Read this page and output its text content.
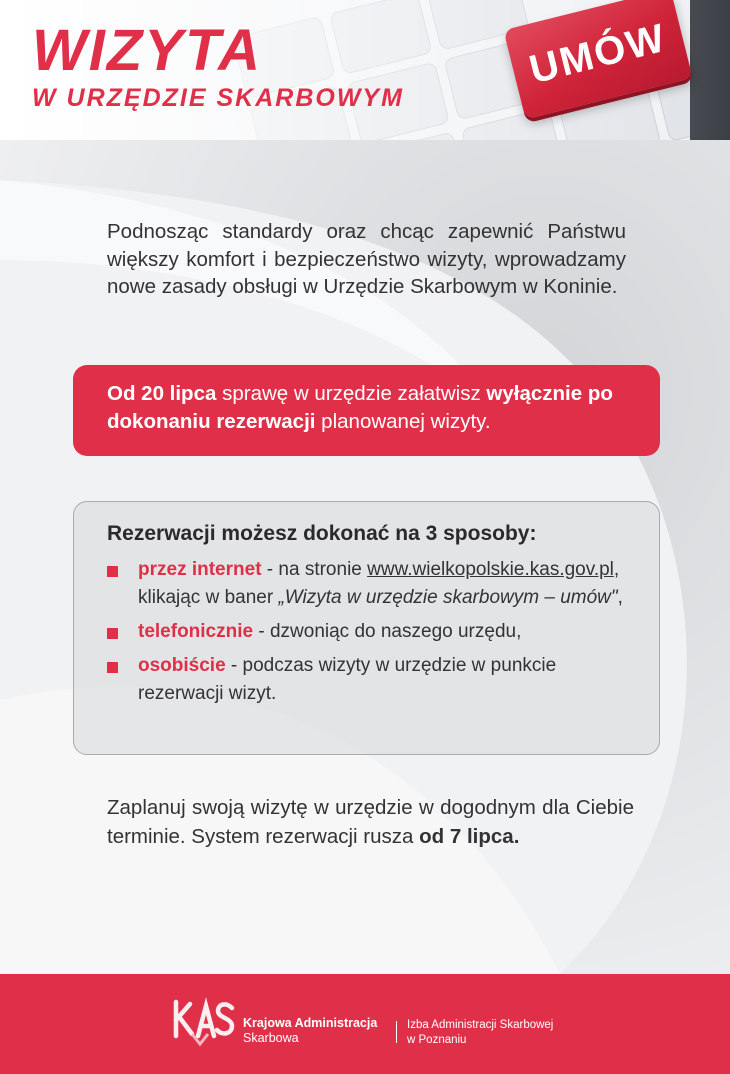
WIZYTA
W URZĘDZIE SKARBOWYM
UMÓW

Podnosząc standardy oraz chcąc zapewnić Państwu większy komfort i bezpieczeństwo wizyty, wprowadzamy nowe zasady obsługi w Urzędzie Skarbowym w Koninie.

Od 20 lipca sprawę w urzędzie załatwisz wyłącznie po dokonaniu rezerwacji planowanej wizyty.
Rezerwacji możesz dokonać na 3 sposoby:
przez internet - na stronie www.wielkopolskie.kas.gov.pl, klikając w baner „Wizyta w urzędzie skarbowym – umów",
telefonicznie - dzwoniąc do naszego urzędu,
osobiście - podczas wizyty w urzędzie w punkcie rezerwacji wizyt.

Zaplanuj swoją wizytę w urzędzie w dogodnym dla Ciebie terminie. System rezerwacji rusza od 7 lipca.

Krajowa Administracja
Skarbowa
Izba Administracji Skarbowej
w Poznaniu
